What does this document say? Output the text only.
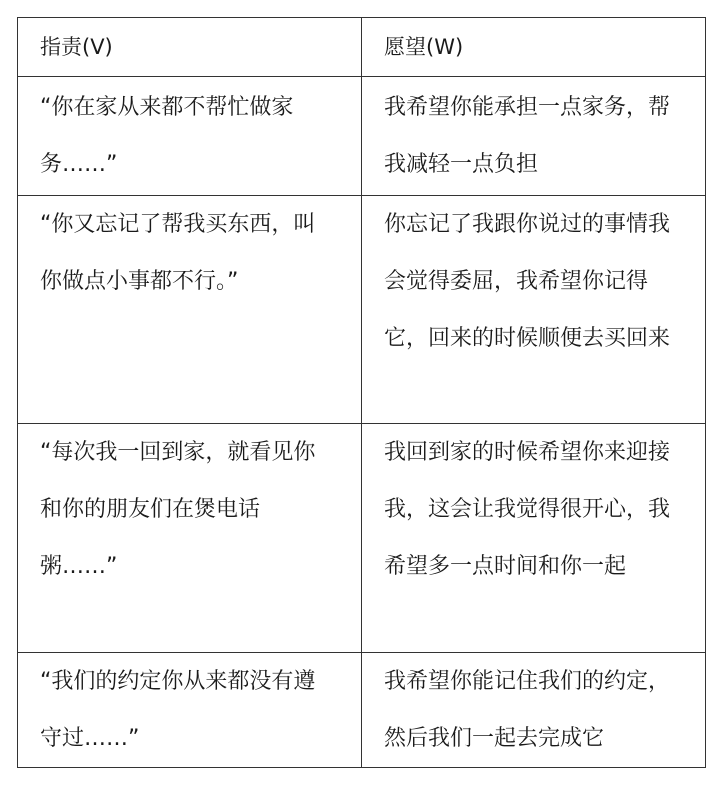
指责(V)	愿望(W)

“你在家从来都不帮忙做家务……”	我希望你能承担一点家务，帮我减轻一点负担

“你又忘记了帮我买东西，叫你做点小事都不行。”	你忘记了我跟你说过的事情我会觉得委屈，我希望你记得它，回来的时候顺便去买回来

“每次我一回到家，就看见你和你的朋友们在煲电话粥……”	我回到家的时候希望你来迎接我，这会让我觉得很开心，我希望多一点时间和你一起

“我们的约定你从来都没有遵守过……”	我希望你能记住我们的约定，然后我们一起去完成它
